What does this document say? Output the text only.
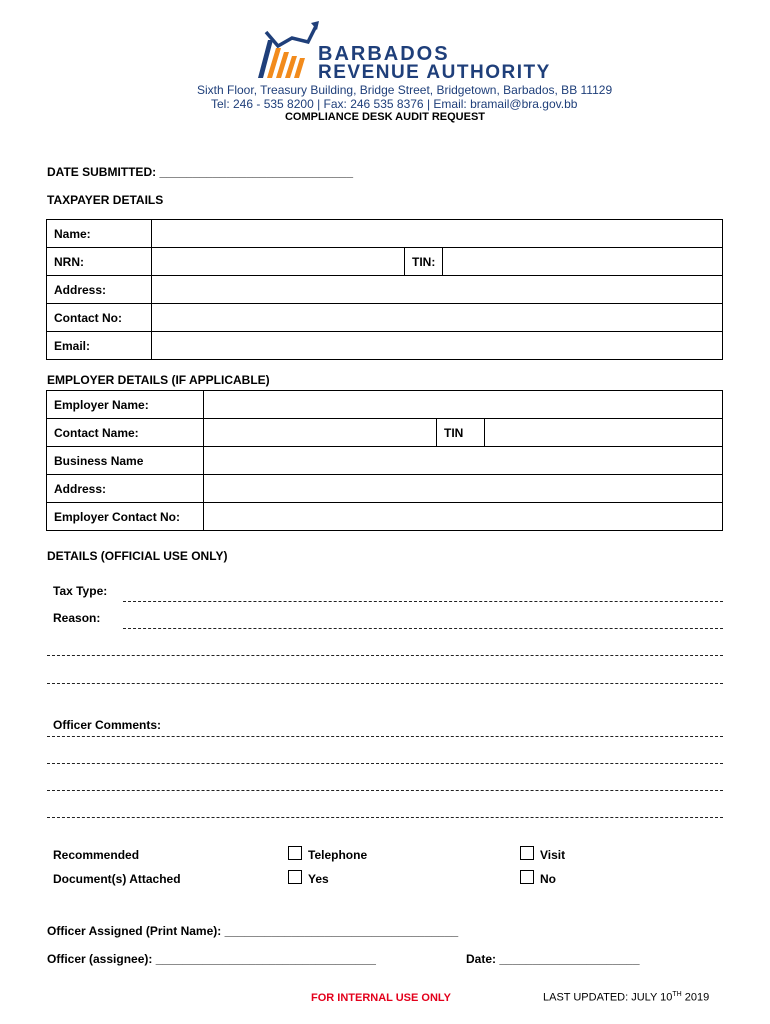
BARBADOS
REVENUE AUTHORITY
Sixth Floor, Treasury Building, Bridge Street, Bridgetown, Barbados, BB 11129
Tel: 246 - 535 8200 | Fax: 246 535 8376 | Email: bramail@bra.gov.bb
COMPLIANCE DESK AUDIT REQUEST
DATE SUBMITTED: _____________________________
TAXPAYER DETAILS
Name:			
NRN:		TIN:	
Address:			
Contact No:			
Email:			
EMPLOYER DETAILS (IF APPLICABLE)
Employer Name:			
Contact Name:		TIN	
Business Name			
Address:			
Employer Contact No:			
DETAILS (OFFICIAL USE ONLY)
Tax Type:
Reason:
Officer Comments:
Recommended	Telephone	Visit
Document(s) Attached	Yes	No
Officer Assigned (Print Name): ___________________________________
Officer (assignee): _________________________________	Date: _____________________
FOR INTERNAL USE ONLY	LAST UPDATED: JULY 10TH 2019
